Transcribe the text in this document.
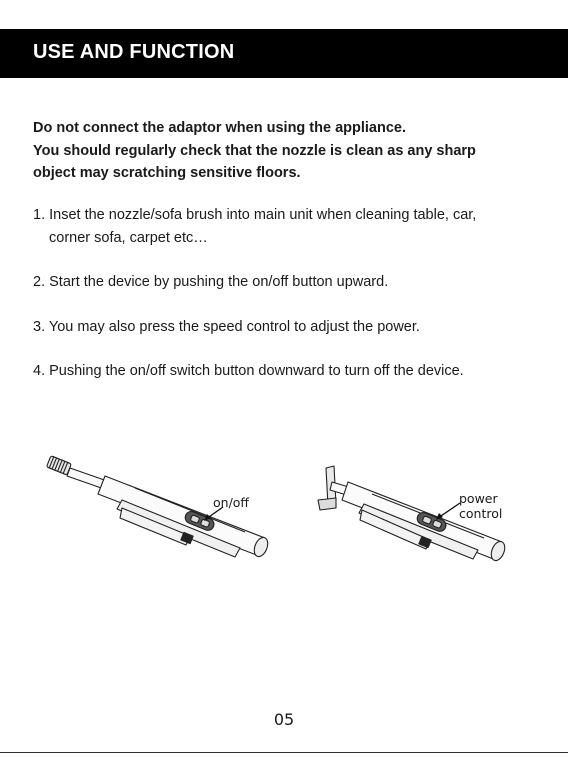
USE AND FUNCTION
Do not connect the adaptor when using the appliance.
You should regularly check that the nozzle is clean as any sharp
object may scratching sensitive floors.
1. Inset the nozzle/sofa brush into main unit when cleaning table, car,
corner sofa, carpet etc…
2. Start the device by pushing the on/off button upward.
3. You may also press the speed control to adjust the power.
4. Pushing the on/off switch button downward to turn off the device.
on/off	power
control
05
